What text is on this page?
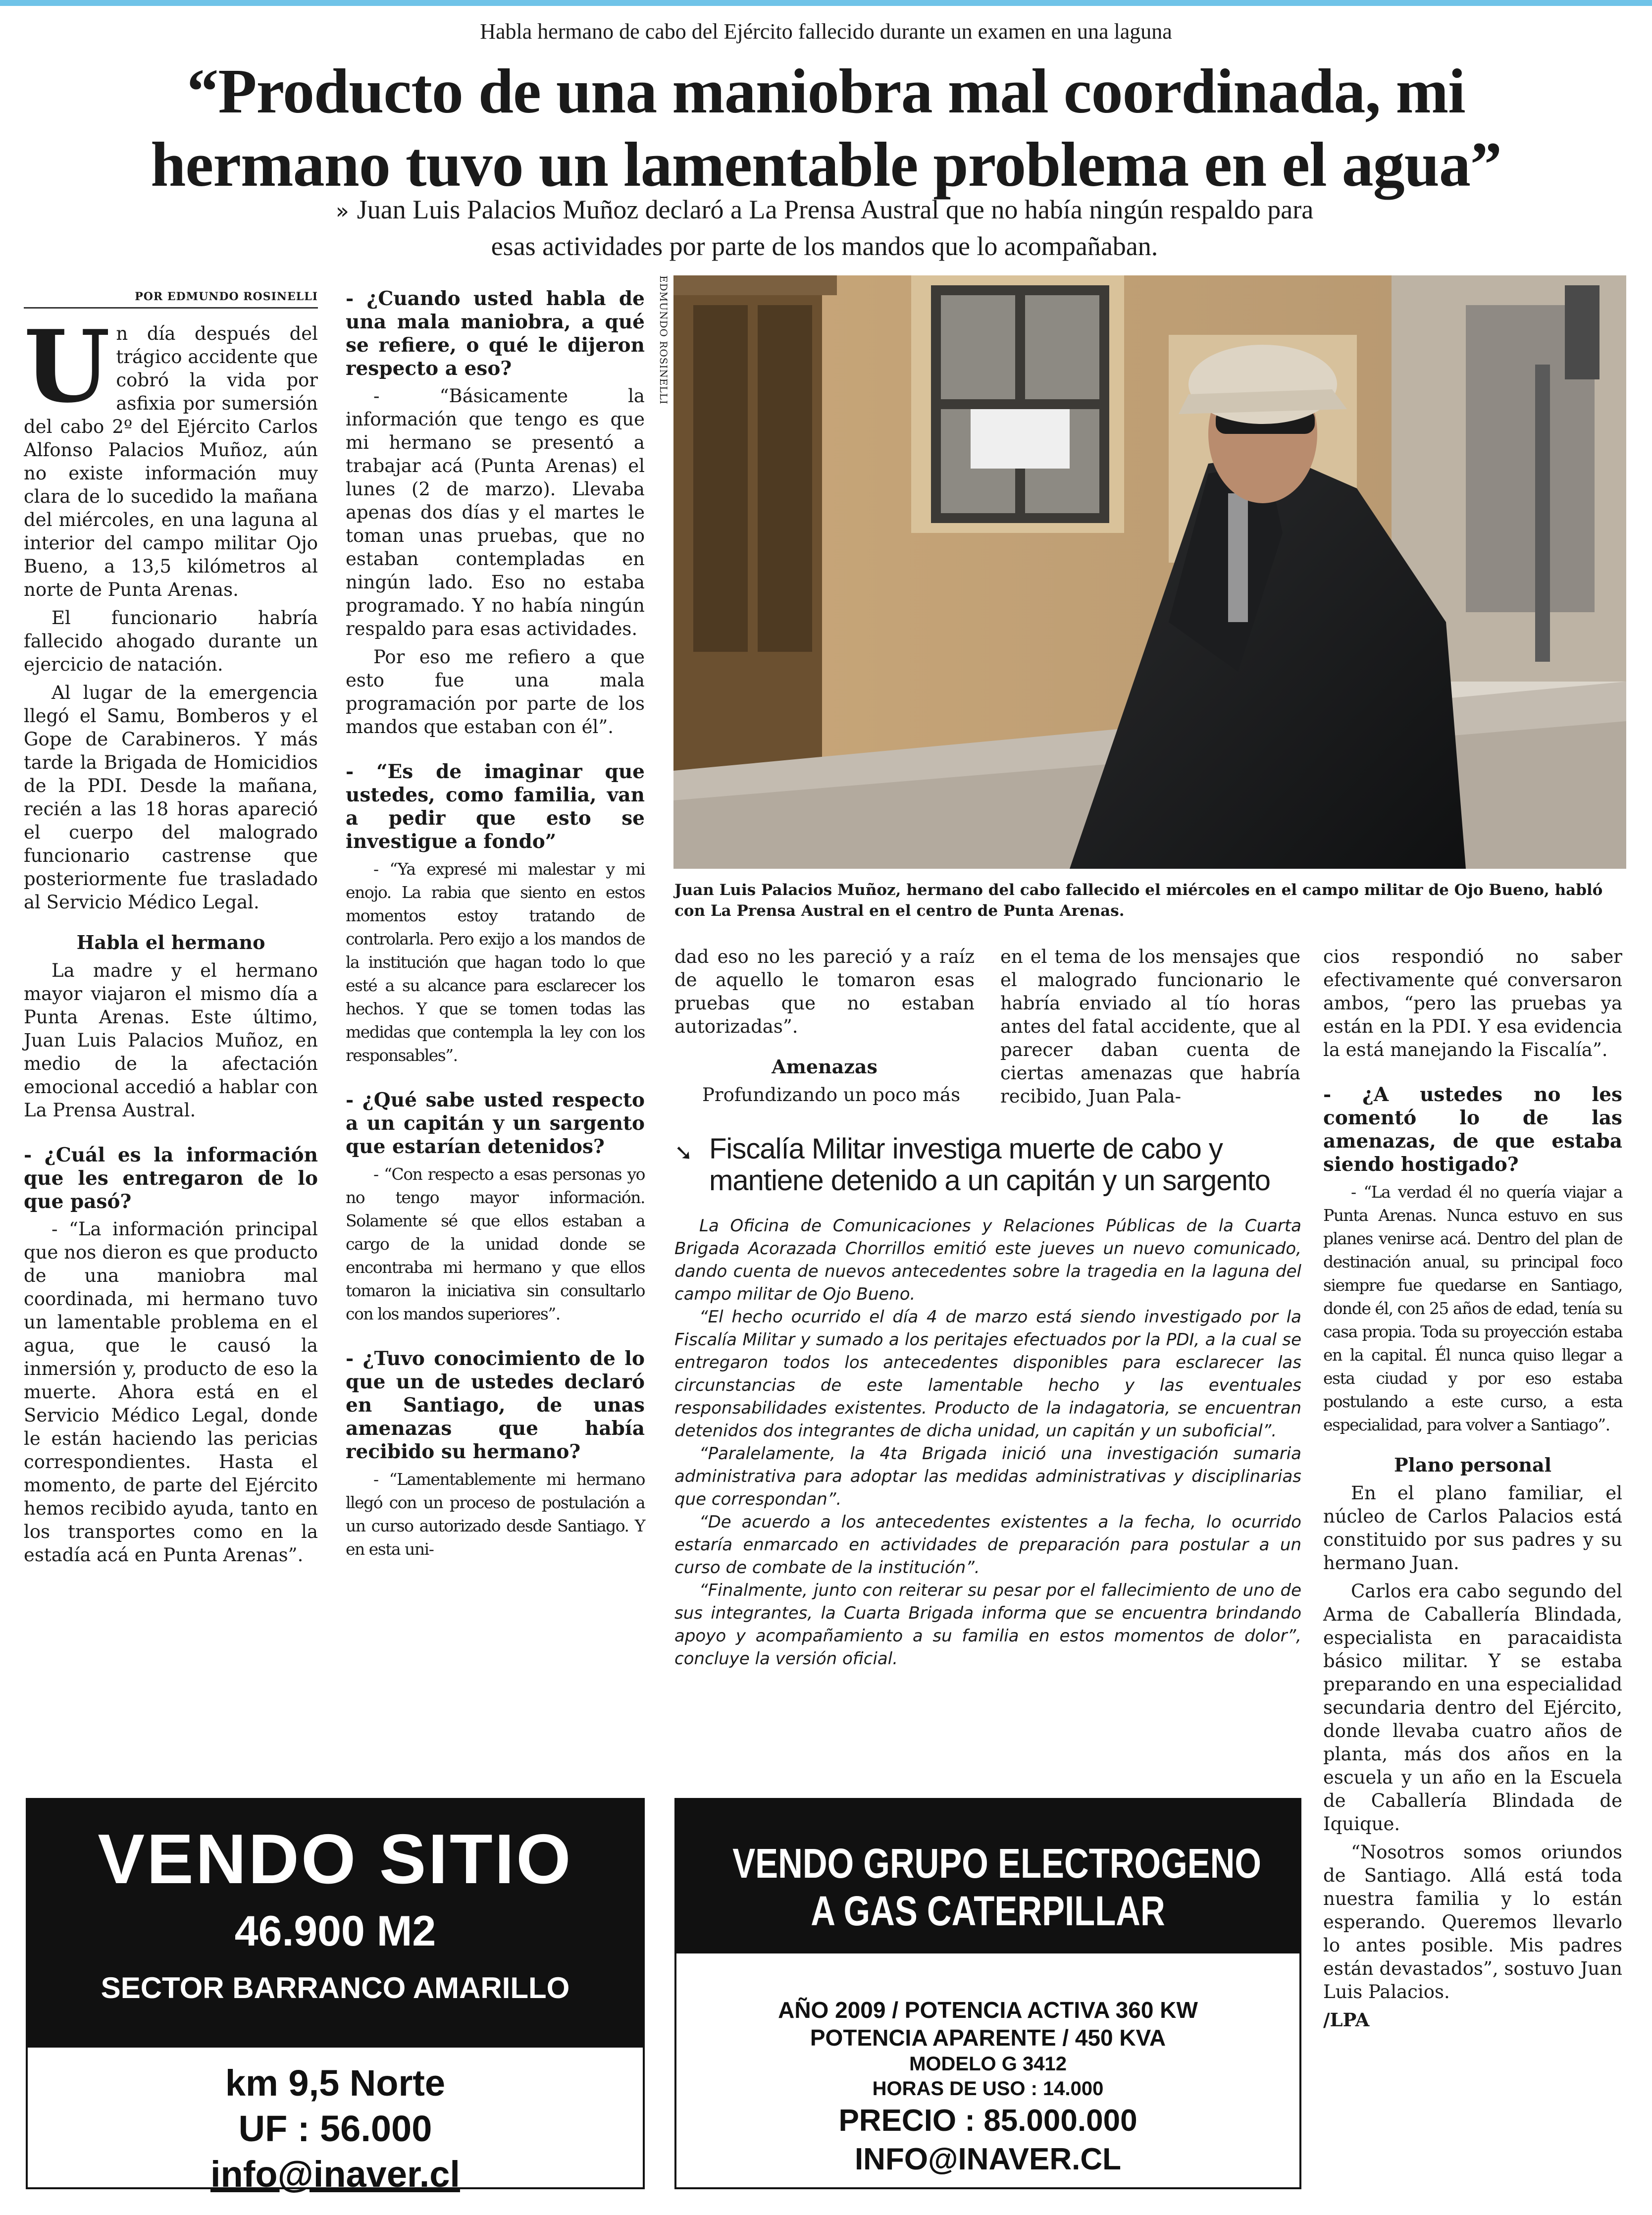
Habla hermano de cabo del Ejército fallecido durante un examen en una laguna
“Producto de una maniobra mal coordinada, mi
hermano tuvo un lamentable problema en el agua”
» Juan Luis Palacios Muñoz declaró a La Prensa Austral que no había ningún respaldo para esas actividades por parte de los mandos que lo acompañaban.
POR EDMUNDO ROSINELLI

Un día después del trágico accidente que cobró la vida por asfixia por sumersión del cabo 2º del Ejército Carlos Alfonso Palacios Muñoz, aún no existe información muy clara de lo sucedido la mañana del miércoles, en una laguna al interior del campo militar Ojo Bueno, a 13,5 kilómetros al norte de Punta Arenas.

El funcionario habría fallecido ahogado durante un ejercicio de natación.

Al lugar de la emergencia llegó el Samu, Bomberos y el Gope de Carabineros. Y más tarde la Brigada de Homicidios de la PDI. Desde la mañana, recién a las 18 horas apareció el cuerpo del malogrado funcionario castrense que posteriormente fue trasladado al Servicio Médico Legal.

Habla el hermano

La madre y el hermano mayor viajaron el mismo día a Punta Arenas. Este último, Juan Luis Palacios Muñoz, en medio de la afectación emocional accedió a hablar con La Prensa Austral.

- ¿Cuál es la información que les entregaron de lo que pasó?

- “La información principal que nos dieron es que producto de una maniobra mal coordinada, mi hermano tuvo un lamentable problema en el agua, que le causó la inmersión y, producto de eso la muerte. Ahora está en el Servicio Médico Legal, donde le están haciendo las pericias correspondientes. Hasta el momento, de parte del Ejército hemos recibido ayuda, tanto en los transportes como en la estadía acá en Punta Arenas”.

- ¿Cuando usted habla de una mala maniobra, a qué se refiere, o qué le dijeron respecto a eso?

- “Básicamente la información que tengo es que mi hermano se presentó a trabajar acá (Punta Arenas) el lunes (2 de marzo). Llevaba apenas dos días y el martes le toman unas pruebas, que no estaban contempladas en ningún lado. Eso no estaba programado. Y no había ningún respaldo para esas actividades.

Por eso me refiero a que esto fue una mala programación por parte de los mandos que estaban con él”.

- “Es de imaginar que ustedes, como familia, van a pedir que esto se investigue a fondo”

- “Ya expresé mi malestar y mi enojo. La rabia que siento en estos momentos estoy tratando de controlarla. Pero exijo a los mandos de la institución que hagan todo lo que esté a su alcance para esclarecer los hechos. Y que se tomen todas las medidas que contempla la ley con los responsables”.

- ¿Qué sabe usted respecto a un capitán y un sargento que estarían detenidos?

- “Con respecto a esas personas yo no tengo mayor información. Solamente sé que ellos estaban a cargo de la unidad donde se encontraba mi hermano y que ellos tomaron la iniciativa sin consultarlo con los mandos superiores”.

- ¿Tuvo conocimiento de lo que un de ustedes declaró en Santiago, de unas amenazas que había recibido su hermano?

- “Lamentablemente mi hermano llegó con un proceso de postulación a un curso autorizado desde Santiago. Y en esta uni-

EDMUNDO ROSINELLI
Juan Luis Palacios Muñoz, hermano del cabo fallecido el miércoles en el campo militar de Ojo Bueno, habló con La Prensa Austral en el centro de Punta Arenas.

dad eso no les pareció y a raíz de aquello le tomaron esas pruebas que no estaban autorizadas”.

Amenazas

Profundizando un poco más

en el tema de los mensajes que el malogrado funcionario le habría enviado al tío horas antes del fatal accidente, que al parecer daban cuenta de ciertas amenazas que habría recibido, Juan Pala-

➘ Fiscalía Militar investiga muerte de cabo y
mantiene detenido a un capitán y un sargento

La Oficina de Comunicaciones y Relaciones Públicas de la Cuarta Brigada Acorazada Chorrillos emitió este jueves un nuevo comunicado, dando cuenta de nuevos antecedentes sobre la tragedia en la laguna del campo militar de Ojo Bueno.

“El hecho ocurrido el día 4 de marzo está siendo investigado por la Fiscalía Militar y sumado a los peritajes efectuados por la PDI, a la cual se entregaron todos los antecedentes disponibles para esclarecer las circunstancias de este lamentable hecho y las eventuales responsabilidades existentes. Producto de la indagatoria, se encuentran detenidos dos integrantes de dicha unidad, un capitán y un suboficial”.

“Paralelamente, la 4ta Brigada inició una investigación sumaria administrativa para adoptar las medidas administrativas y disciplinarias que correspondan”.

“De acuerdo a los antecedentes existentes a la fecha, lo ocurrido estaría enmarcado en actividades de preparación para postular a un curso de combate de la institución”.

“Finalmente, junto con reiterar su pesar por el fallecimiento de uno de sus integrantes, la Cuarta Brigada informa que se encuentra brindando apoyo y acompañamiento a su familia en estos momentos de dolor”, concluye la versión oficial.

cios respondió no saber efectivamente qué conversaron ambos, “pero las pruebas ya están en la PDI. Y esa evidencia la está manejando la Fiscalía”.

- ¿A ustedes no les comentó lo de las amenazas, de que estaba siendo hostigado?

- “La verdad él no quería viajar a Punta Arenas. Nunca estuvo en sus planes venirse acá. Dentro del plan de destinación anual, su principal foco siempre fue quedarse en Santiago, donde él, con 25 años de edad, tenía su casa propia. Toda su proyección estaba en la capital. Él nunca quiso llegar a esta ciudad y por eso estaba postulando a este curso, a esta especialidad, para volver a Santiago”.

Plano personal

En el plano familiar, el núcleo de Carlos Palacios está constituido por sus padres y su hermano Juan.

Carlos era cabo segundo del Arma de Caballería Blindada, especialista en paracaidista básico militar. Y se estaba preparando en una especialidad secundaria dentro del Ejército, donde llevaba cuatro años de planta, más dos años en la escuela y un año en la Escuela de Caballería Blindada de Iquique.

“Nosotros somos oriundos de Santiago. Allá está toda nuestra familia y lo están esperando. Queremos llevarlo lo antes posible. Mis padres están devastados”, sostuvo Juan Luis Palacios.

/LPA

VENDO SITIO
46.900 M2
SECTOR BARRANCO AMARILLO
km 9,5 Norte
UF : 56.000
info@inaver.cl
VENDO GRUPO ELECTROGENO
A GAS CATERPILLAR
AÑO 2009 / POTENCIA ACTIVA 360 KW
POTENCIA APARENTE / 450 KVA
MODELO G 3412
HORAS DE USO : 14.000
PRECIO : 85.000.000
INFO@INAVER.CL
